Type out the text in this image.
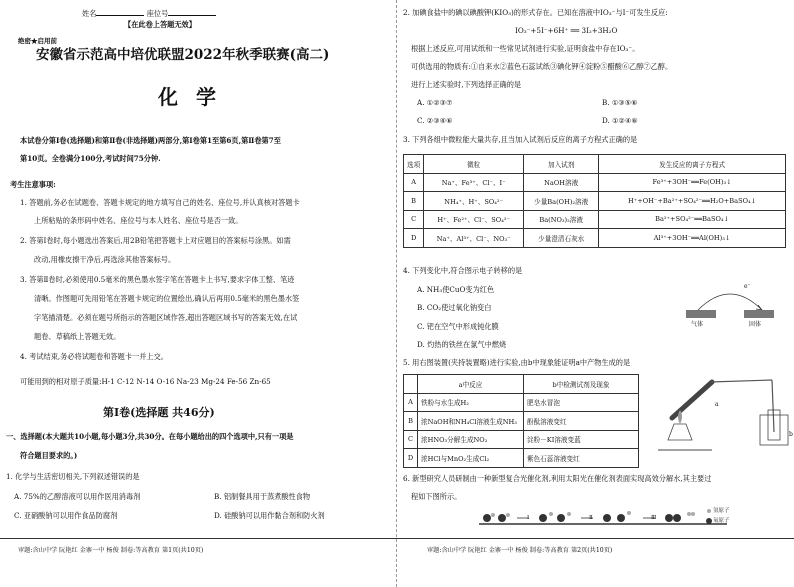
姓名	座位号
【在此卷上答题无效】
绝密★启用前
安徽省示范高中培优联盟2022年秋季联赛(高二)
化学
本试卷分第Ⅰ卷(选择题)和第Ⅱ卷(非选择题)两部分,第Ⅰ卷第1至第6页,第Ⅱ卷第7至
第10页。全卷满分100分,考试时间75分钟.
考生注意事项:
1. 答题前,务必在试题卷、答题卡规定的地方填写自己的姓名、座位号,并认真核对答题卡
上所粘贴的条形码中姓名、座位号与本人姓名、座位号是否一致。
2. 答第Ⅰ卷时,每小题选出答案后,用2B铅笔把答题卡上对应题目的答案标号涂黑。如需
改动,用橡皮擦干净后,再选涂其他答案标号。
3. 答第Ⅱ卷时,必须使用0.5毫米的黑色墨水签字笔在答题卡上书写,要求字体工整、笔迹
清晰。作图题可先用铅笔在答题卡规定的位置绘出,确认后再用0.5毫米的黑色墨水签
字笔描清楚。必须在题号所指示的答题区域作答,超出答题区域书写的答案无效,在试
题卷、草稿纸上答题无效。
4. 考试结束,务必将试题卷和答题卡一并上交。
可能用到的相对原子质量:H-1 C-12 N-14 O-16 Na-23 Mg-24 Fe-56 Zn-65
第Ⅰ卷(选择题 共46分)
一、选择题(本大题共10小题,每小题3分,共30分。在每小题给出的四个选项中,只有一项是
符合题目要求的。)
1. 化学与生活密切相关,下列叙述错误的是
A. 75%的乙醇溶液可以用作医用消毒剂	B. 铝制餐具用于蒸煮酸性食物
C. 亚硝酸钠可以用作食品防腐剂	D. 硅酸钠可以用作黏合剂和防火剂
审题:含山中学 阮艳红 金寨一中 杨俊 制卷:等高教育 第1页(共10页)
2. 加碘食盐中的碘以碘酸钾(KIO₃)的形式存在。已知在溶液中IO₃⁻与I⁻可发生反应:
IO₃⁻+5I⁻+6H⁺ ══ 3I₂+3H₂O
根据上述反应,可用试纸和一些常见试剂进行实验,证明食盐中存在IO₃⁻。
可供选用的物质有:①自来水②蓝色石蕊试纸③碘化钾④淀粉⑤醋酸⑥乙醇⑦乙醇。
进行上述实验时,下列选择正确的是
A. ①②③⑦	B. ①③⑤⑥
C. ②③④⑥	D. ①②④⑥
3. 下列各组中微粒能大量共存,且当加入试剂后反应的离子方程式正确的是
选项	微粒	加入试剂	发生反应的离子方程式
A	Na⁺、Fe³⁺、Cl⁻、I⁻	NaOH溶液	Fe³⁺+3OH⁻══Fe(OH)₃↓
B	NH₄⁺、H⁺、SO₄²⁻	少量Ba(OH)₂溶液	H⁺+OH⁻+Ba²⁺+SO₄²⁻══H₂O+BaSO₄↓
C	H⁺、Fe²⁺、Cl⁻、SO₄²⁻	Ba(NO₃)₂溶液	Ba²⁺+SO₄²⁻══BaSO₄↓
D	Na⁺、Al³⁺、Cl⁻、NO₃⁻	少量澄清石灰水	Al³⁺+3OH⁻══Al(OH)₃↓
4. 下列变化中,符合图示电子转移的是
A. NH₃使CuO变为红色
B. CO₂使过氧化钠变白
C. 钯在空气中形成钝化膜
D. 灼热的铁丝在氯气中燃烧
e⁻
气体	固体
5. 用右图装置(夹持装置略)进行实验,由b中现象能证明a中产物生成的是
	a中反应	b中检测试剂及现象
A	铁粉与水生成H₂	肥皂水冒泡
B	浓NaOH和NH₄Cl溶液生成NH₃	酚酞溶液变红
C	浓HNO₃分解生成NO₂	淀粉－KI溶液变蓝
D	浓HCl与MnO₂生成Cl₂	紫色石蕊溶液变红
a
b
6. 新型研究人员研制由一种新型复合光催化剂,利用太阳光在催化剂表面实现高效分解水,其主要过
程如下图所示。
Ⅰ	Ⅱ	Ⅲ
氢原子
氧原子
审题:含山中学 阮艳红 金寨一中 杨俊 制卷:等高教育 第2页(共10页)
